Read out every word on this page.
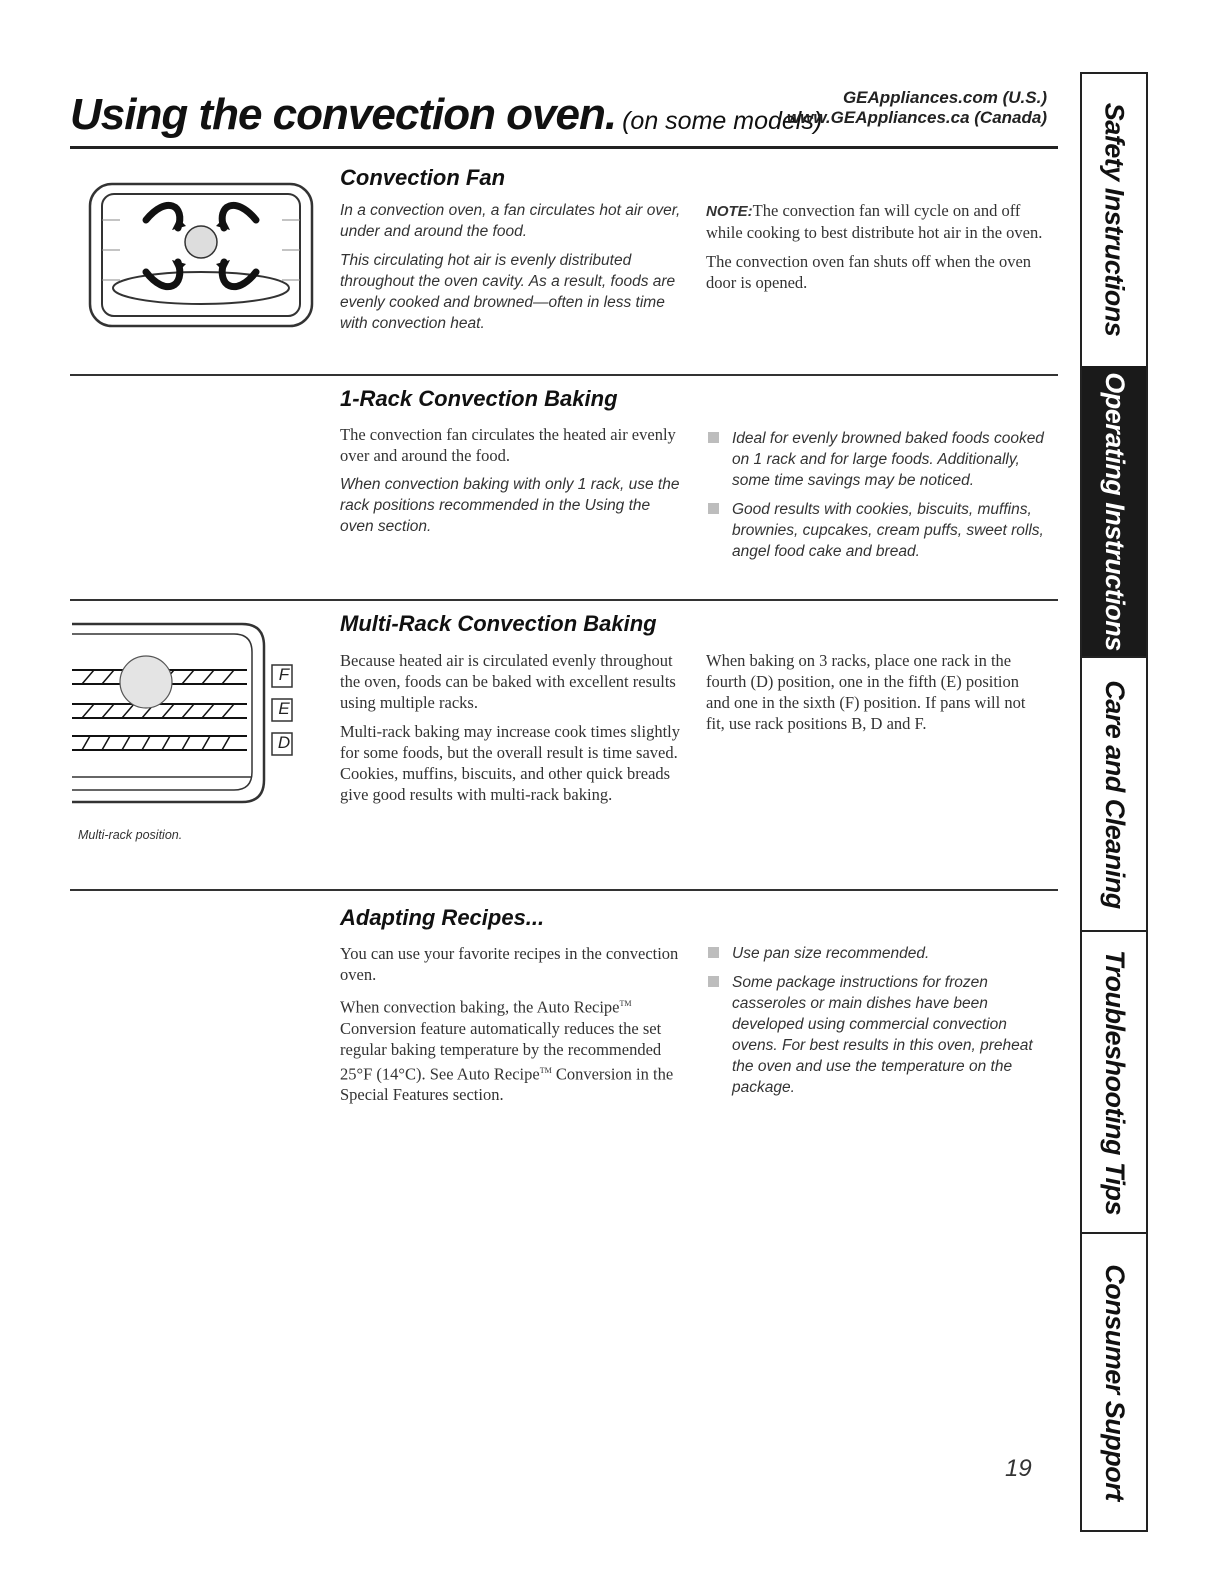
Using the convection oven. (on some models)
GEAppliances.com (U.S.)
www.GEAppliances.ca (Canada)
Convection Fan

In a convection oven, a fan circulates hot air over, under and around the food.

This circulating hot air is evenly distributed throughout the oven cavity. As a result, foods are evenly cooked and browned—often in less time with convection heat.

NOTE:The convection fan will cycle on and off while cooking to best distribute hot air in the oven.

The convection oven fan shuts off when the oven door is opened.

1-Rack Convection Baking

The convection fan circulates the heated air evenly over and around the food.

When convection baking with only 1 rack, use the rack positions recommended in the Using the oven section.

Ideal for evenly browned baked foods cooked on 1 rack and for large foods. Additionally, some time savings may be noticed.
Good results with cookies, biscuits, muffins, brownies, cupcakes, cream puffs, sweet rolls, angel food cake and bread.
F
E
D
Multi-rack position.
Multi-Rack Convection Baking

Because heated air is circulated evenly throughout the oven, foods can be baked with excellent results using multiple racks.

Multi-rack baking may increase cook times slightly for some foods, but the overall result is time saved. Cookies, muffins, biscuits, and other quick breads give good results with multi-rack baking.

When baking on 3 racks, place one rack in the fourth (D) position, one in the fifth (E) position and one in the sixth (F) position. If pans will not fit, use rack positions B, D and F.

Adapting Recipes...

You can use your favorite recipes in the convection oven.

When convection baking, the Auto Recipe™ Conversion feature automatically reduces the set regular baking temperature by the recommended 25°F (14°C). See Auto Recipe™ Conversion in the Special Features section.

Use pan size recommended.
Some package instructions for frozen casseroles or main dishes have been developed using commercial convection ovens. For best results in this oven, preheat the oven and use the temperature on the package.
19
Safety Instructions
Operating Instructions
Care and Cleaning
Troubleshooting Tips
Consumer Support
